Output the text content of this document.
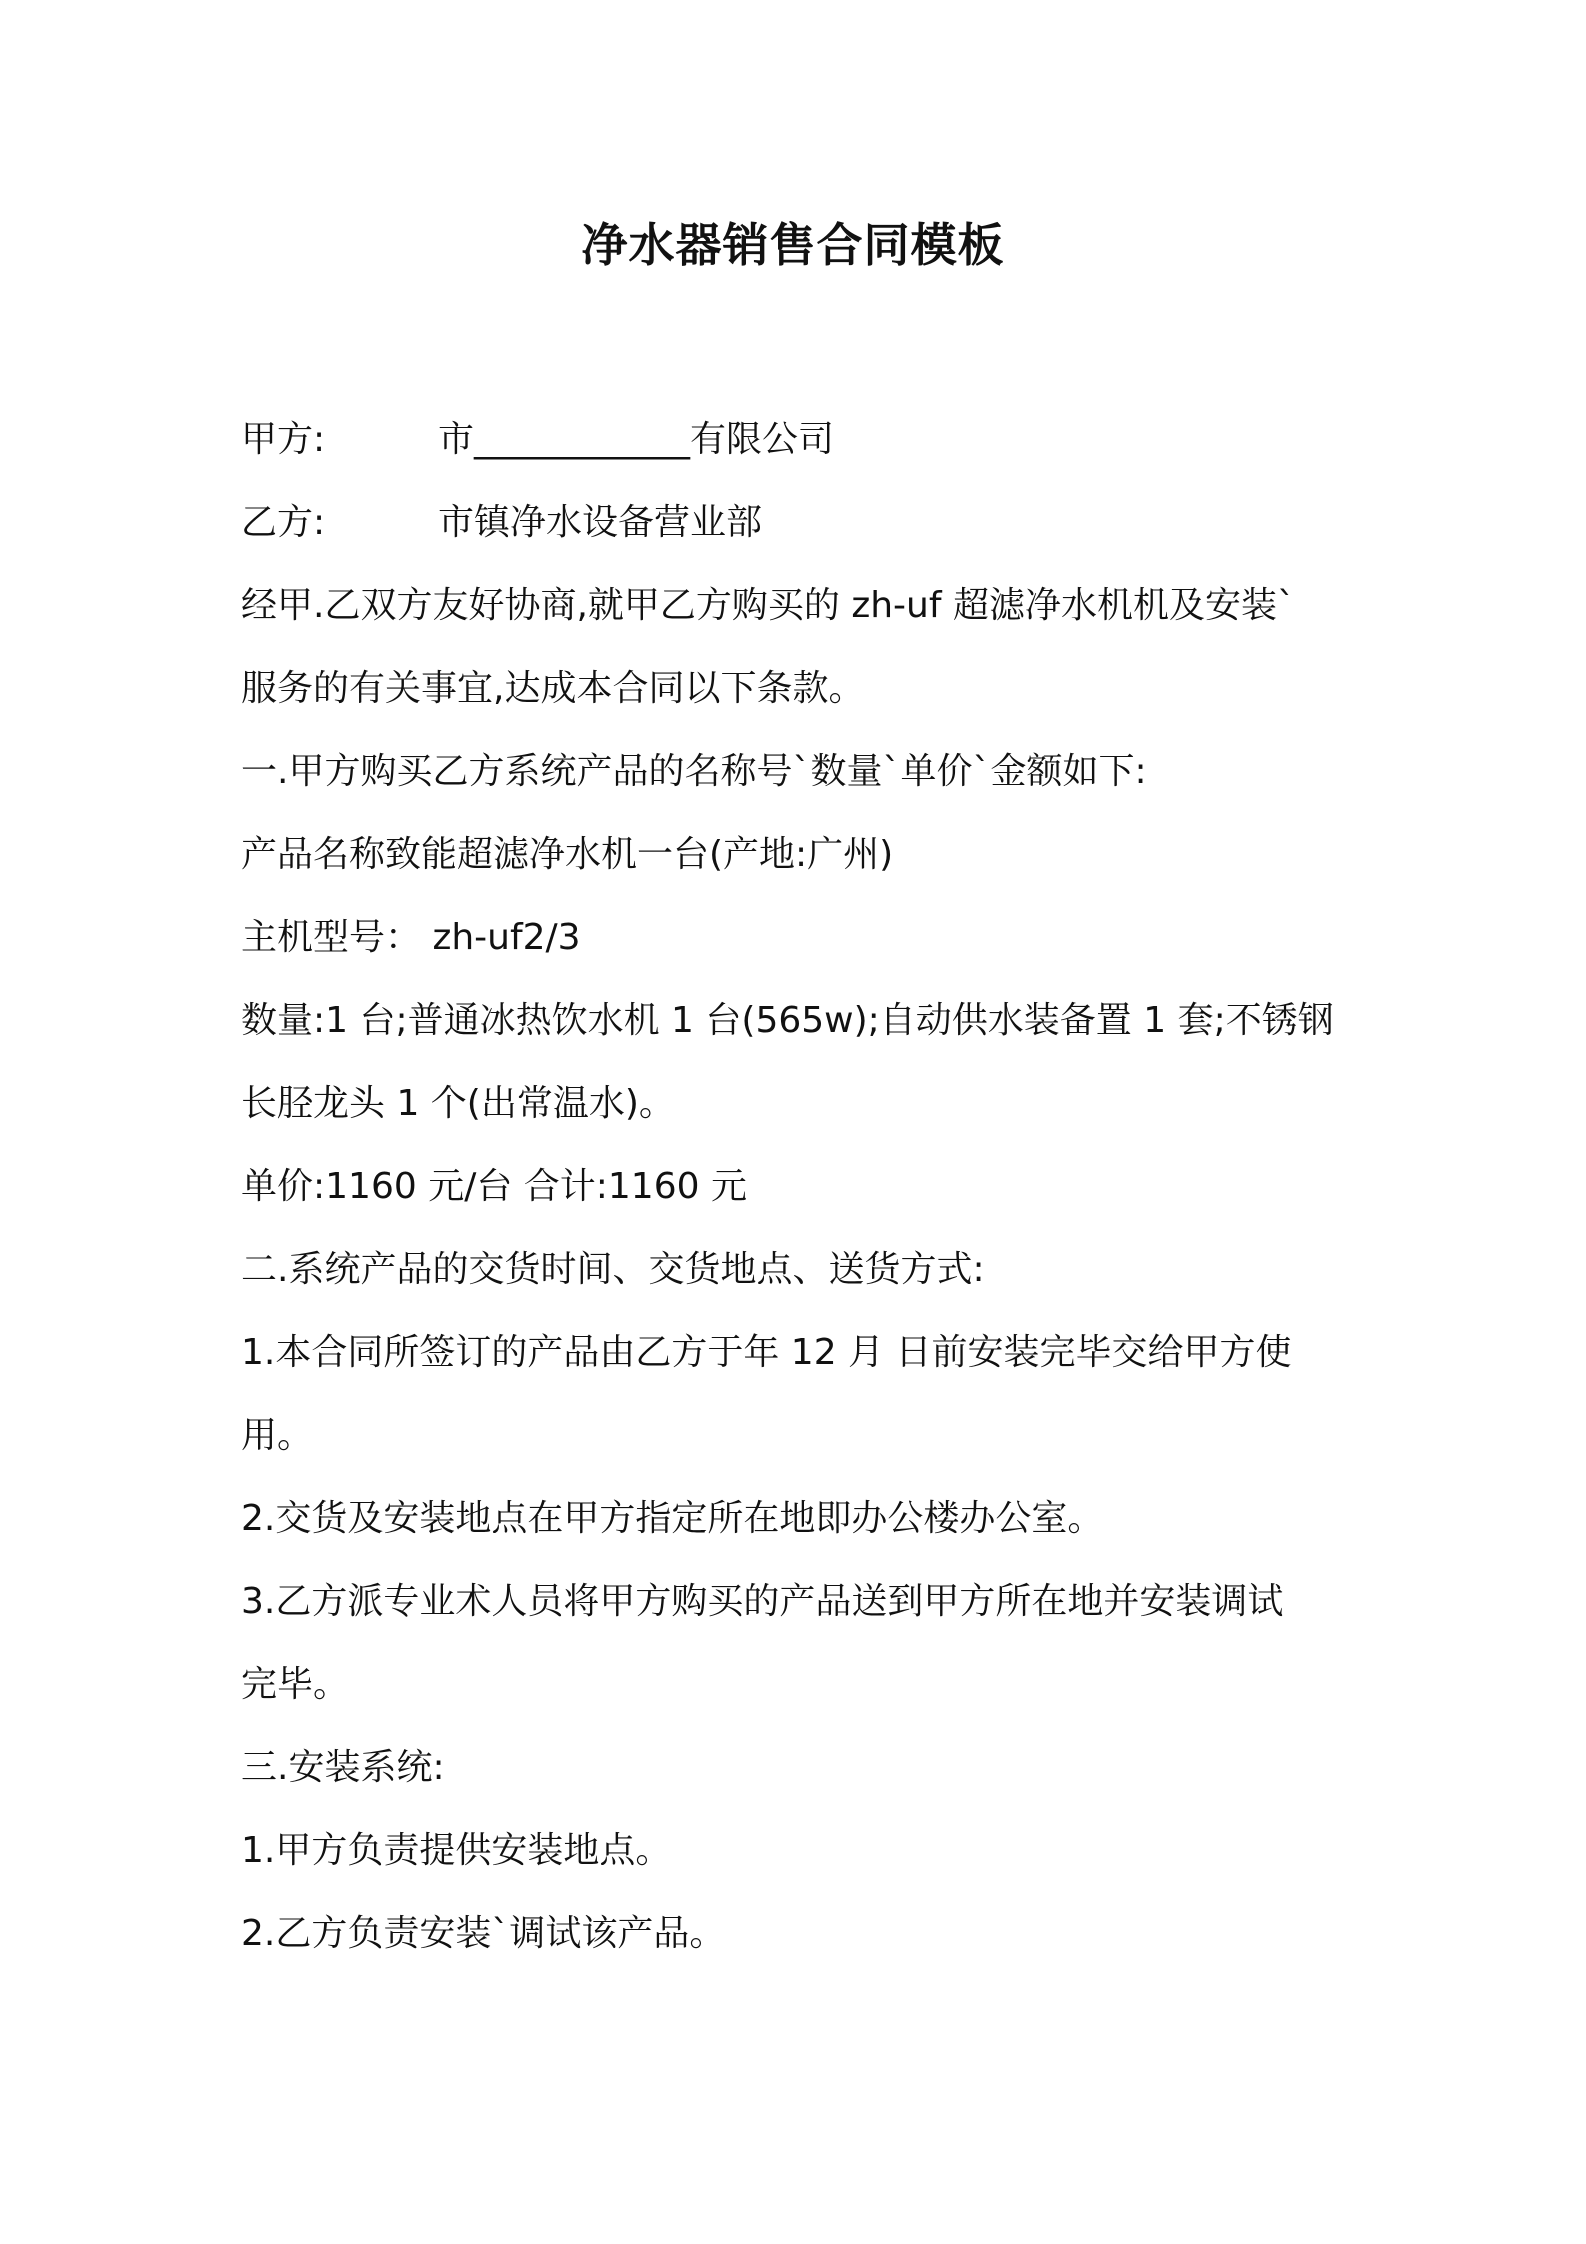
净水器销售合同模板

甲方:	市____________有限公司

乙方:	市镇净水设备营业部

经甲.乙双方友好协商,就甲乙方购买的 zh-uf 超滤净水机机及安装`

服务的有关事宜,达成本合同以下条款。

一.甲方购买乙方系统产品的名称号`数量`单价`金额如下:

产品名称致能超滤净水机一台(产地:广州)

主机型号： zh-uf2/3

数量:1 台;普通冰热饮水机 1 台(565w);自动供水装备置 1 套;不锈钢

长胫龙头 1 个(出常温水)。

单价:1160 元/台 合计:1160 元

二.系统产品的交货时间、交货地点、送货方式:

1.本合同所签订的产品由乙方于年 12 月 日前安装完毕交给甲方使

用。

2.交货及安装地点在甲方指定所在地即办公楼办公室。

3.乙方派专业术人员将甲方购买的产品送到甲方所在地并安装调试

完毕。

三.安装系统:

1.甲方负责提供安装地点。

2.乙方负责安装`调试该产品。
